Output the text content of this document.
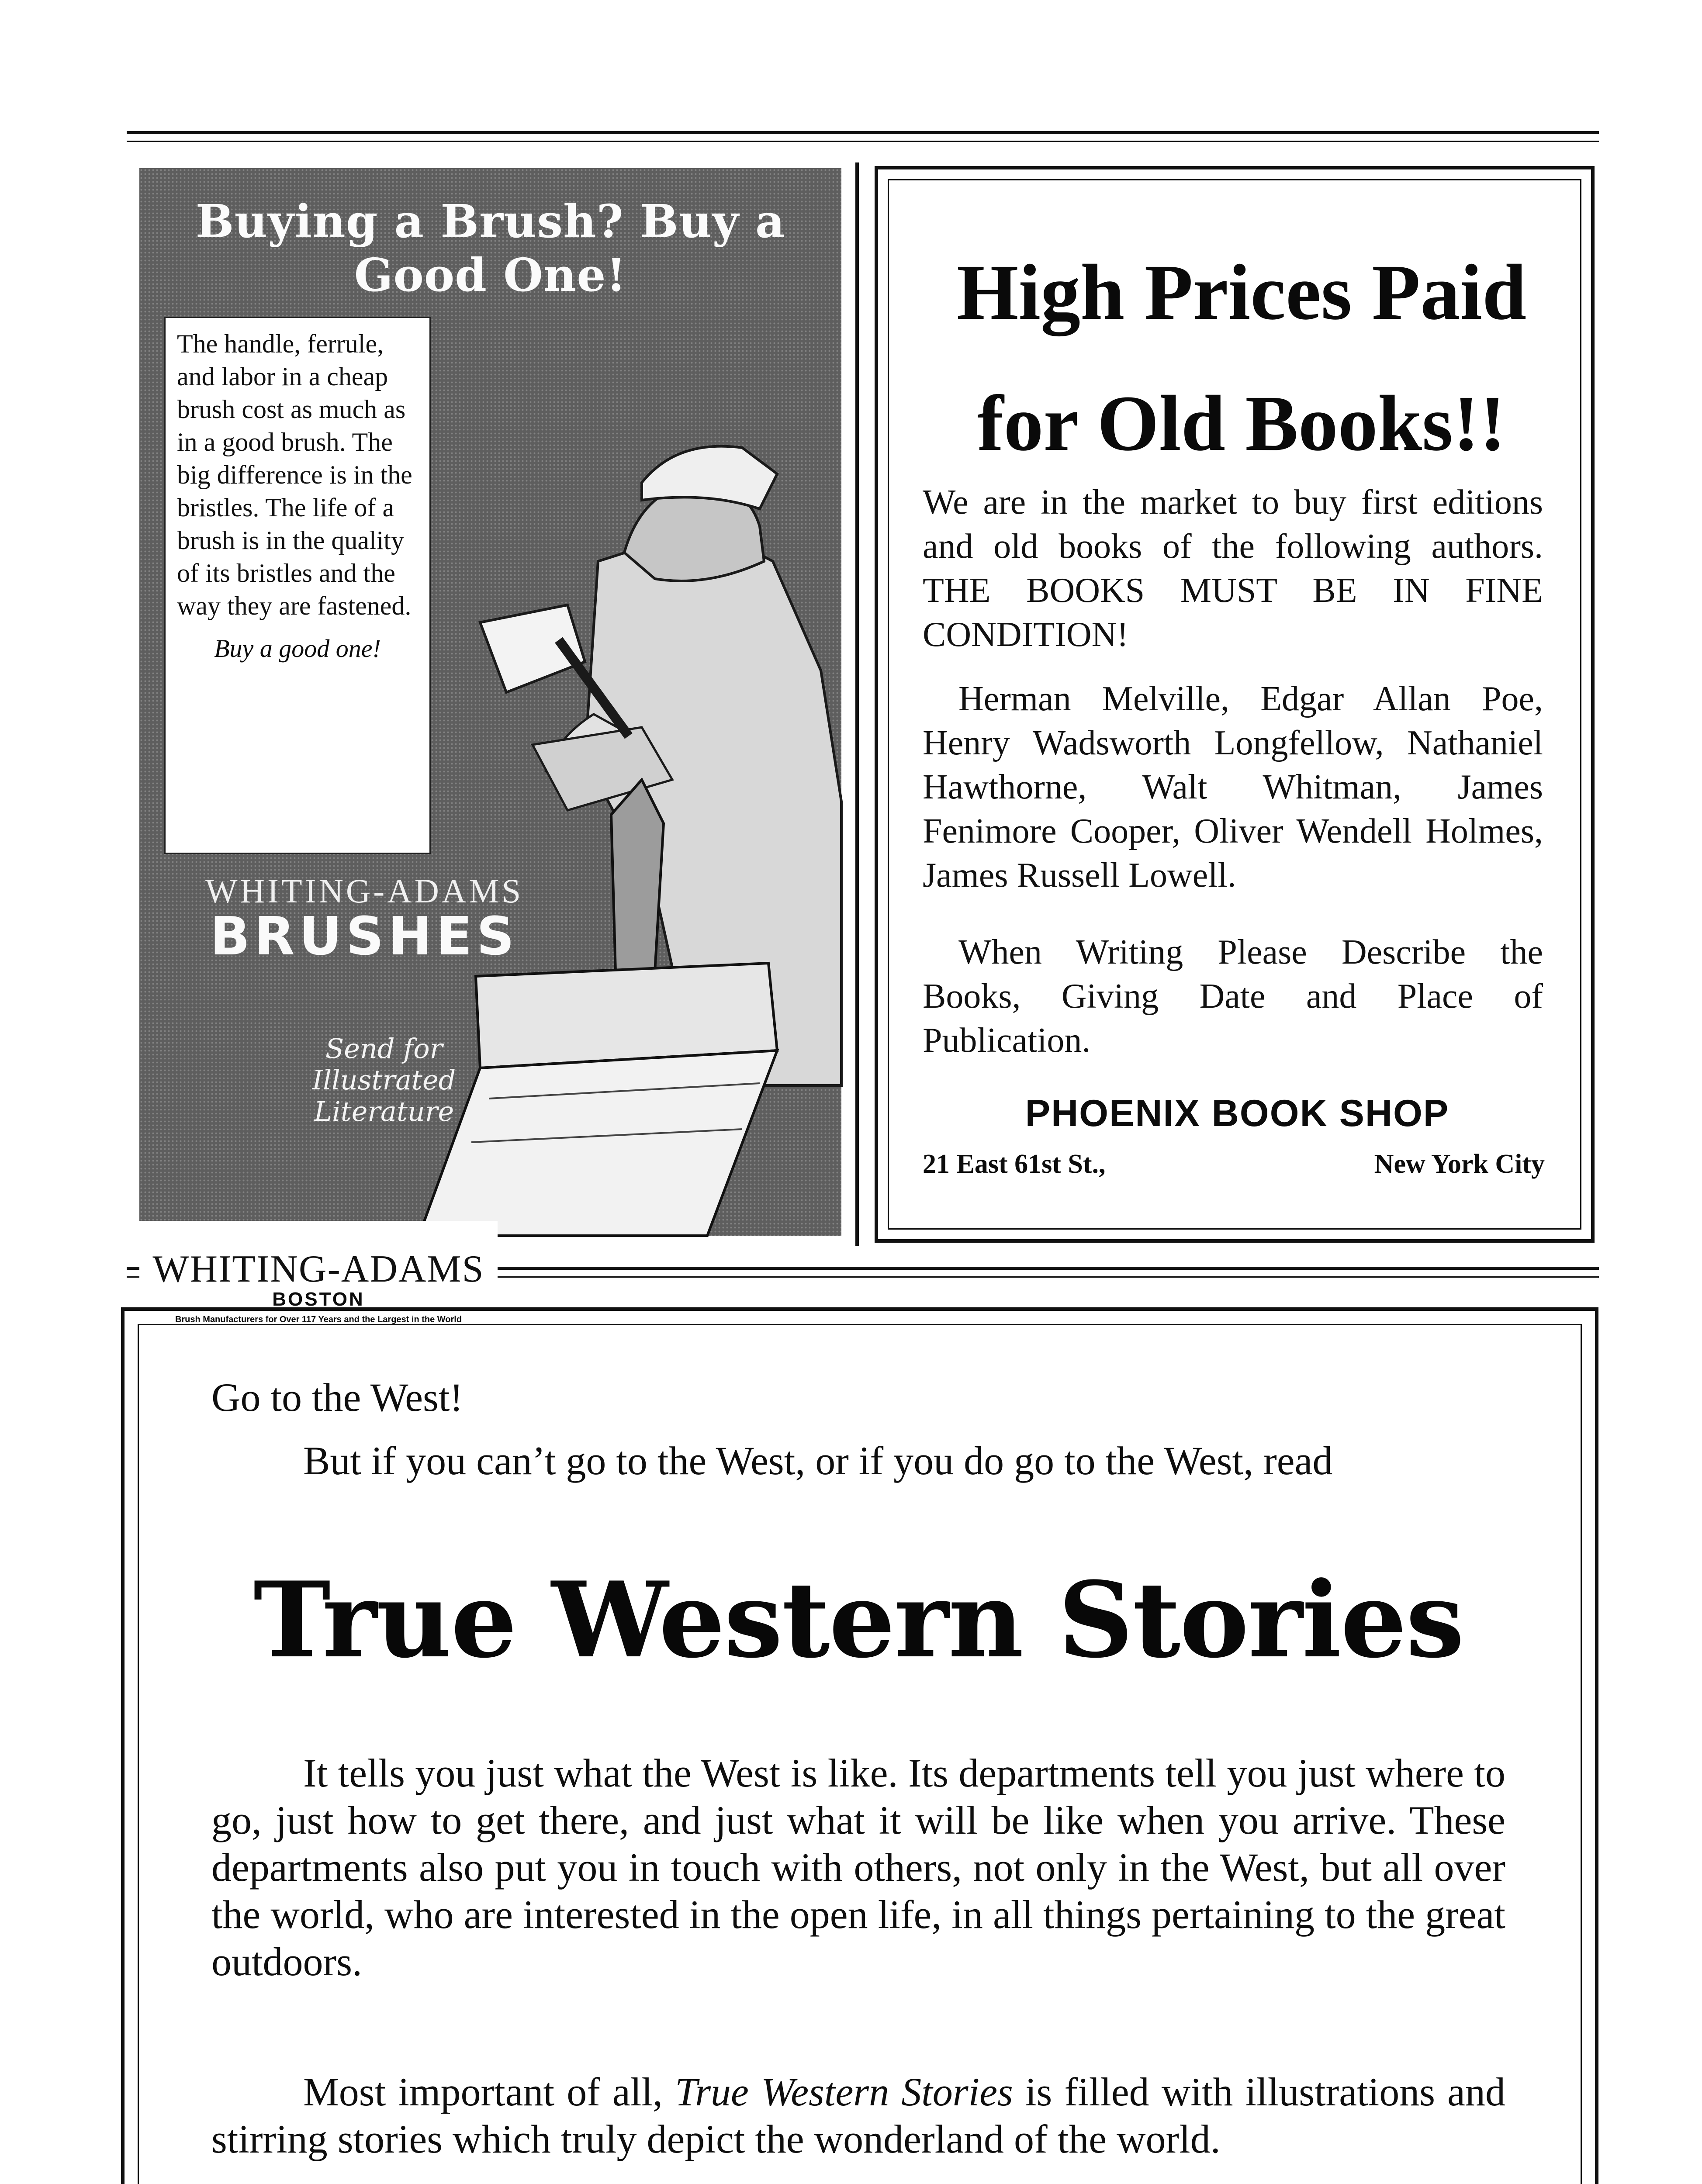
Buying a Brush? Buy a Good One!
The handle, ferrule, and labor in a cheap brush cost as much as in a good brush. The big difference is in the bristles. The life of a brush is in the quality of its bristles and the way they are fastened.
Buy a good one!
WHITING-ADAMS
BRUSHES
Send for Illustrated Literature
WHITING-ADAMS
BOSTON
Brush Manufacturers for Over 117 Years and the Largest in the World
High Prices Paid for Old Books!!
We are in the market to buy first editions and old books of the following authors. THE BOOKS MUST BE IN FINE CONDITION!
Herman Melville, Edgar Allan Poe, Henry Wadsworth Longfellow, Nathaniel Hawthorne, Walt Whitman, James Fenimore Cooper, Oliver Wendell Holmes, James Russell Lowell.
When Writing Please Describe the Books, Giving Date and Place of Publication.
PHOENIX BOOK SHOP
21 East 61st St.,	New York City
Go to the West!
But if you can’t go to the West, or if you do go to the West, read
True Western Stories
It tells you just what the West is like. Its departments tell you just where to go, just how to get there, and just what it will be like when you arrive. These departments also put you in touch with others, not only in the West, but all over the world, who are interested in the open life, in all things pertaining to the great outdoors.
Most important of all, True Western Stories is filled with illustrations and stirring stories which truly depict the wonderland of the world.
